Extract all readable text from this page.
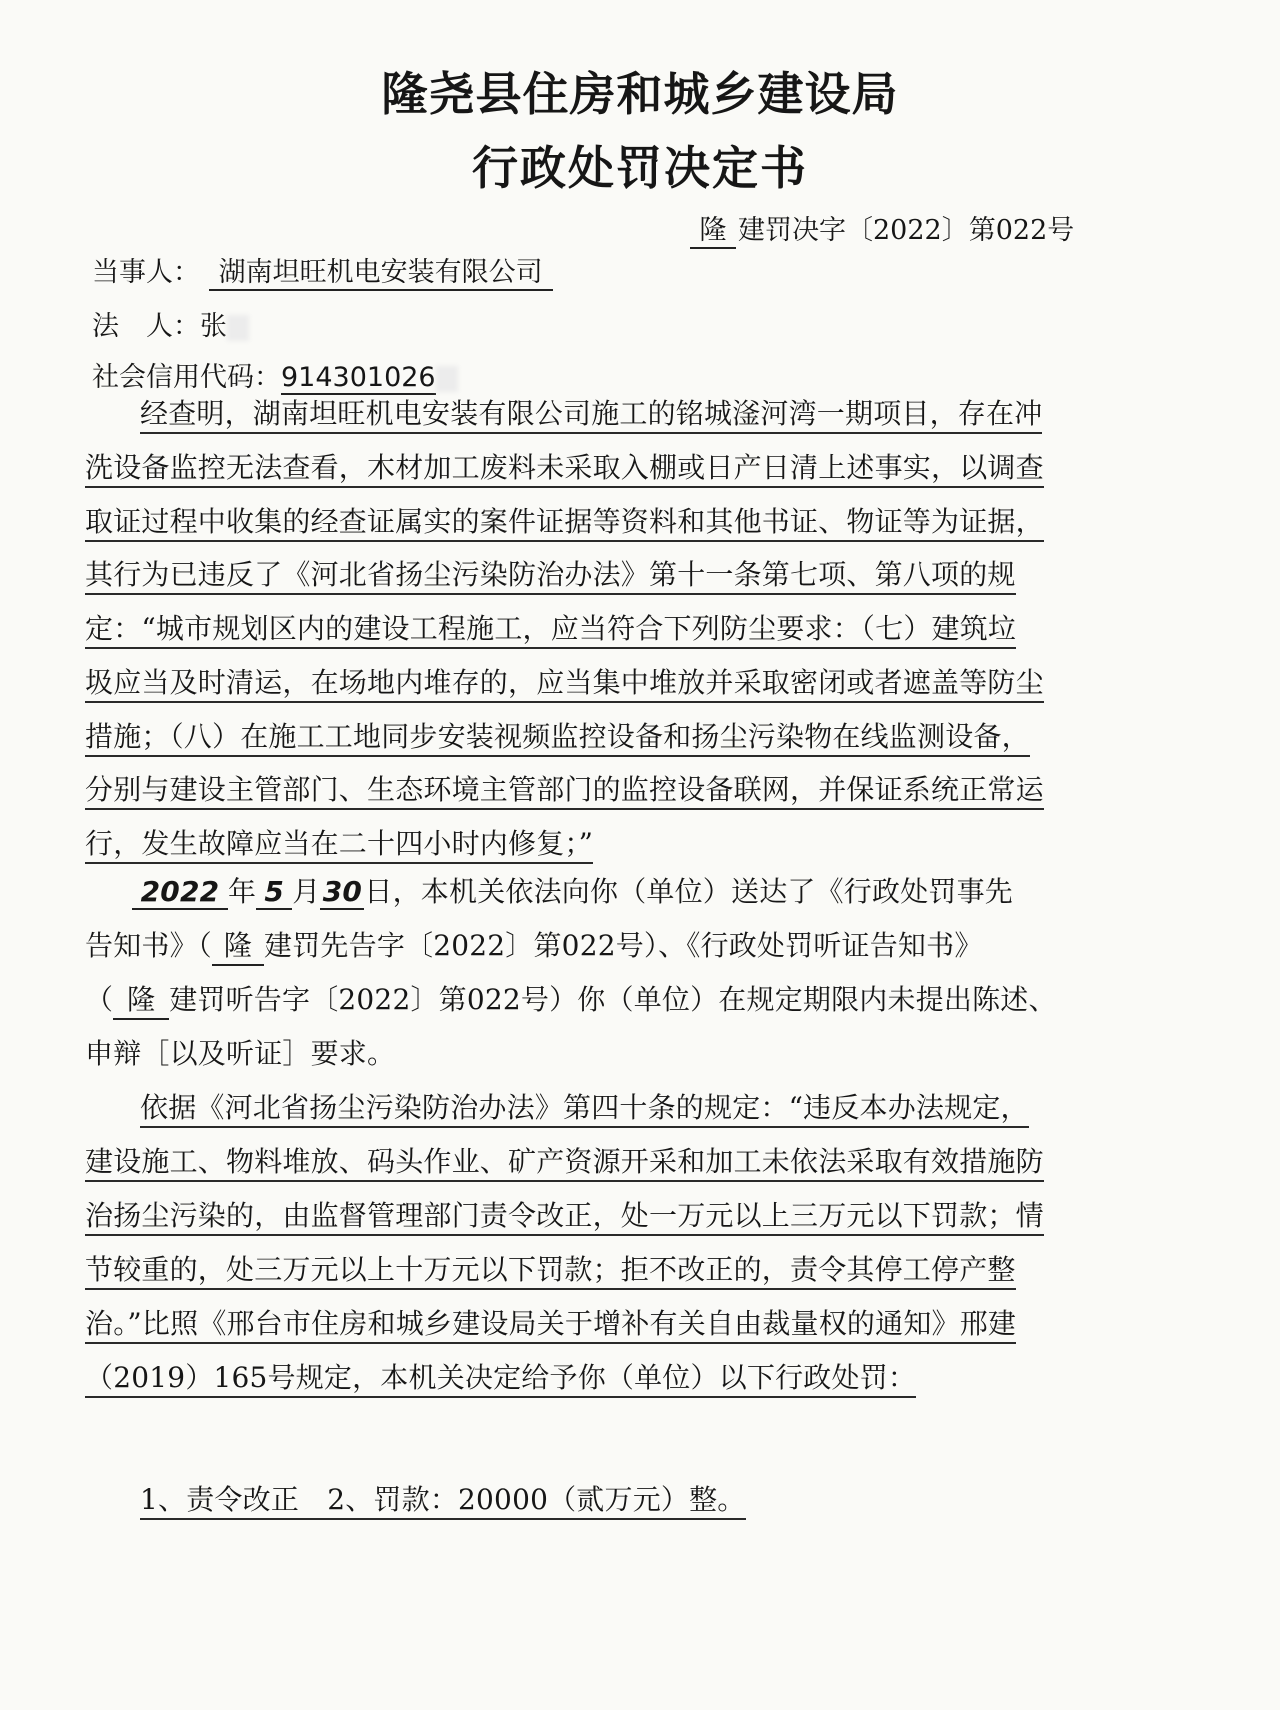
隆尧县住房和城乡建设局
行政处罚决定书
隆 建罚决字〔2022〕第022号
当事人： 湖南坦旺机电安装有限公司
法　人：张
社会信用代码：914301026
经查明，湖南坦旺机电安装有限公司施工的铭城滏河湾一期项目，存在冲
洗设备监控无法查看，木材加工废料未采取入棚或日产日清上述事实，以调查
取证过程中收集的经查证属实的案件证据等资料和其他书证、物证等为证据，
其行为已违反了《河北省扬尘污染防治办法》第十一条第七项、第八项的规
定：“城市规划区内的建设工程施工，应当符合下列防尘要求：（七）建筑垃
圾应当及时清运，在场地内堆存的，应当集中堆放并采取密闭或者遮盖等防尘
措施；（八）在施工工地同步安装视频监控设备和扬尘污染物在线监测设备，
分别与建设主管部门、生态环境主管部门的监控设备联网，并保证系统正常运
行，发生故障应当在二十四小时内修复；”
2022 年 5 月30日，本机关依法向你（单位）送达了《行政处罚事先
告知书》（ 隆 建罚先告字〔2022〕第022号）、《行政处罚听证告知书》
（ 隆 建罚听告字〔2022〕第022号）你（单位）在规定期限内未提出陈述、
申辩［以及听证］要求。
依据《河北省扬尘污染防治办法》第四十条的规定：“违反本办法规定，
建设施工、物料堆放、码头作业、矿产资源开采和加工未依法采取有效措施防
治扬尘污染的，由监督管理部门责令改正，处一万元以上三万元以下罚款；情
节较重的，处三万元以上十万元以下罚款；拒不改正的，责令其停工停产整
治。”比照《邢台市住房和城乡建设局关于增补有关自由裁量权的通知》邢建
（2019）165号规定，本机关决定给予你（单位）以下行政处罚：
1、责令改正　2、罚款：20000（贰万元）整。
